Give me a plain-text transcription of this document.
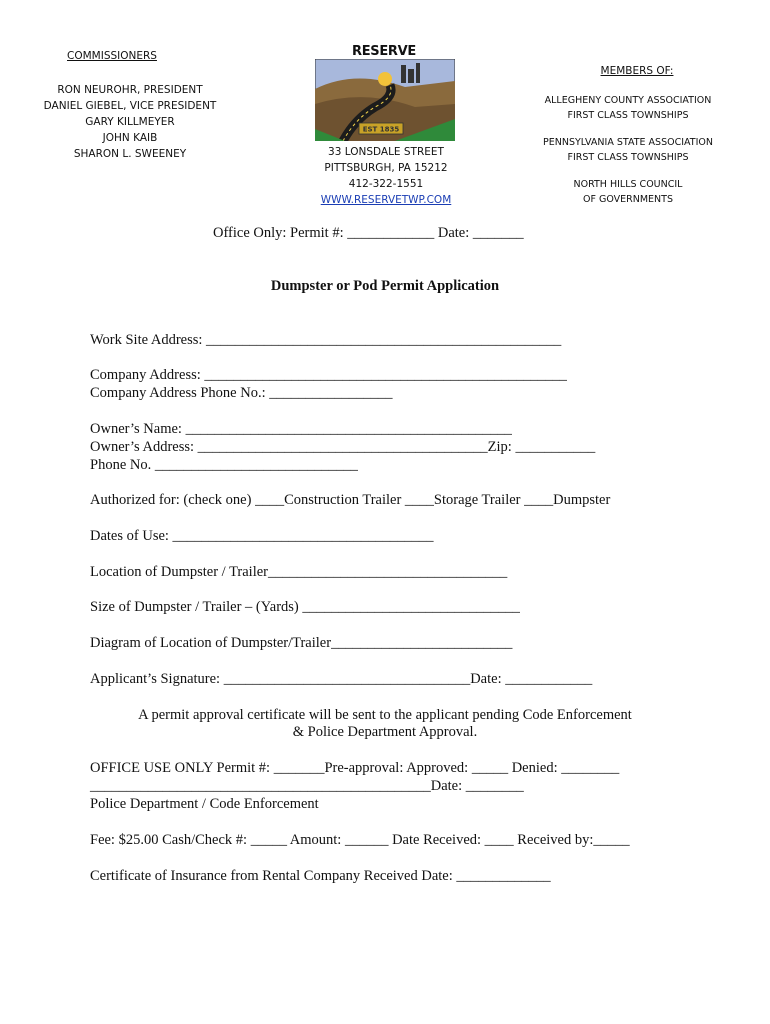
COMMISSIONERS
RON NEUROHR, PRESIDENT
DANIEL GIEBEL, VICE PRESIDENT
GARY KILLMEYER
JOHN KAIB
SHARON L. SWEENEY
RESERVE
EST 1835
33 LONSDALE STREET
PITTSBURGH, PA 15212
412-322-1551
WWW.RESERVETWP.COM
MEMBERS OF:
ALLEGHENY COUNTY ASSOCIATION
FIRST CLASS TOWNSHIPS
PENNSYLVANIA STATE ASSOCIATION
FIRST CLASS TOWNSHIPS
NORTH HILLS COUNCIL
OF GOVERNMENTS
Office Only: Permit #: ____________ Date: _______
Dumpster or Pod Permit Application
Work Site Address: _________________________________________________
Company Address: __________________________________________________
Company Address Phone No.: _________________
Owner’s Name: _____________________________________________
Owner’s Address: ________________________________________Zip: ___________
Phone No. ____________________________
Authorized for: (check one) ____Construction Trailer ____Storage Trailer ____Dumpster
Dates of Use: ____________________________________
Location of Dumpster / Trailer_________________________________
Size of Dumpster / Trailer – (Yards) ______________________________
Diagram of Location of Dumpster/Trailer_________________________
Applicant’s Signature: __________________________________Date: ____________
A permit approval certificate will be sent to the applicant pending Code Enforcement
& Police Department Approval.
OFFICE USE ONLY Permit #: _______Pre-approval: Approved: _____ Denied: ________
_______________________________________________Date: ________
Police Department / Code Enforcement
Fee: $25.00 Cash/Check #: _____ Amount: ______ Date Received: ____ Received by:_____
Certificate of Insurance from Rental Company Received Date: _____________
